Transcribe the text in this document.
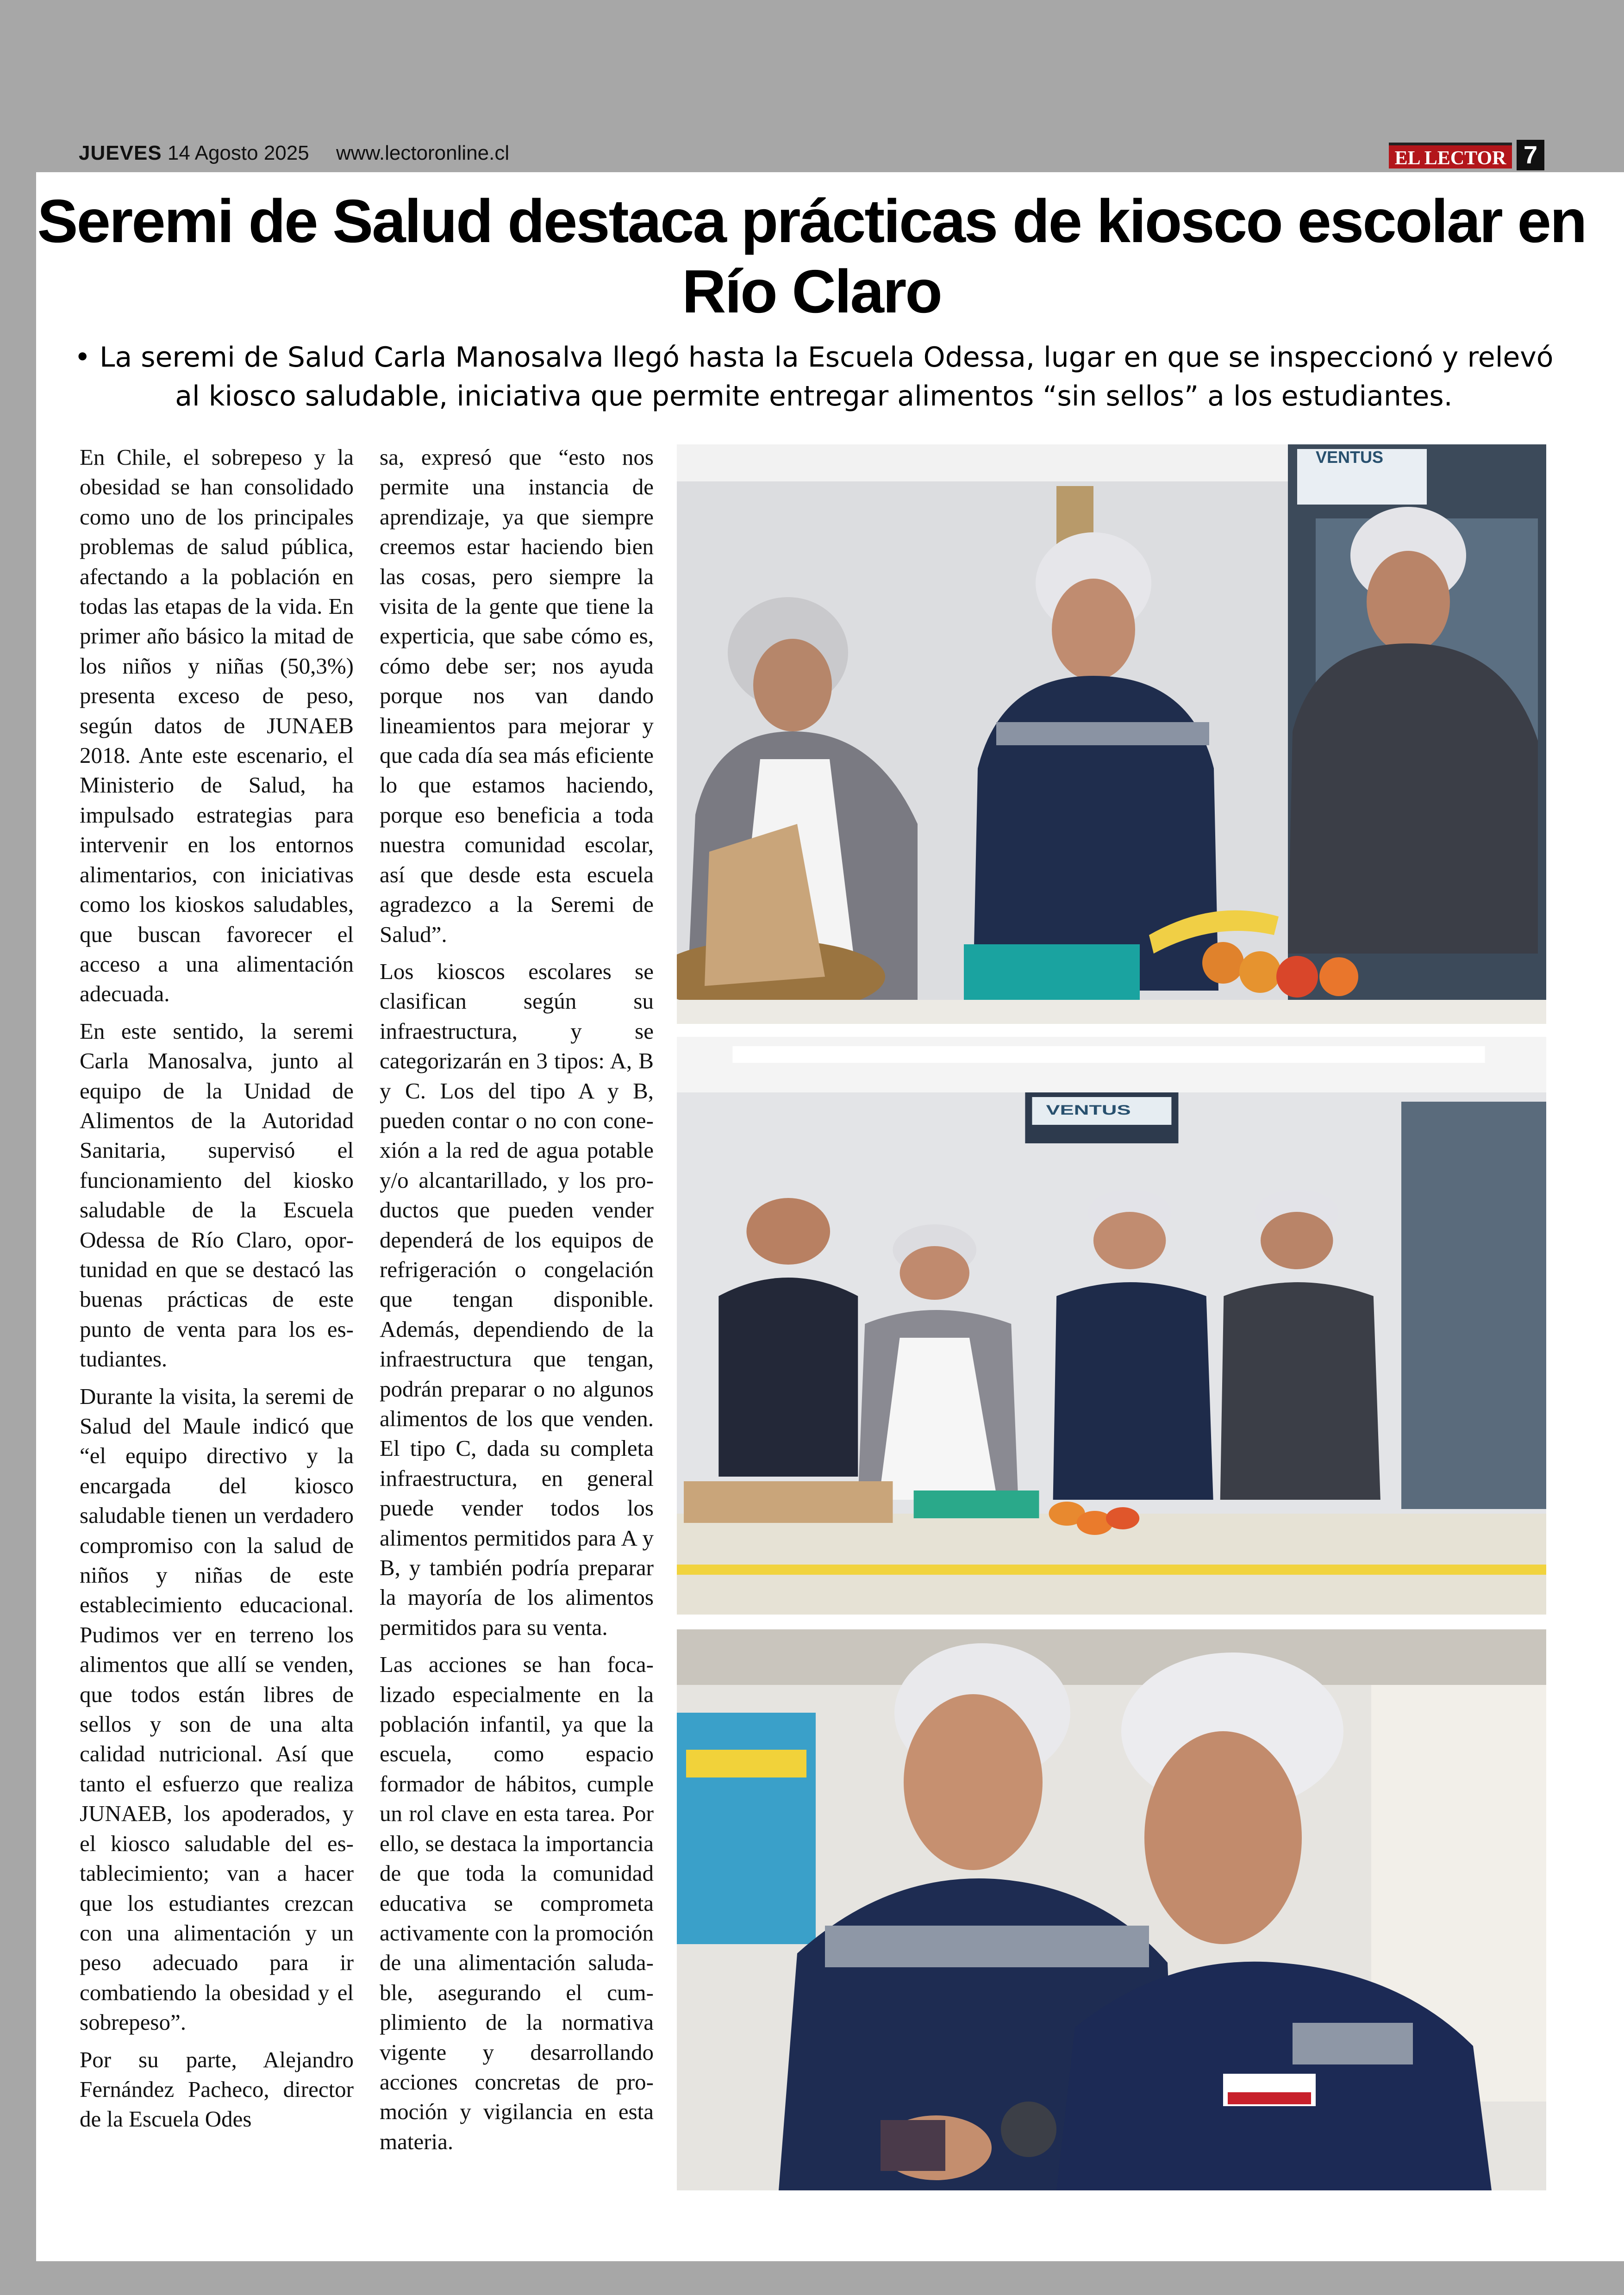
JUEVES 14 Agosto 2025 www.lectoronline.cl	EL LECTOR 7
Seremi de Salud destaca prácticas de kiosco escolar en Río Claro

• La seremi de Salud Carla Manosalva llegó hasta la Escuela Odessa, lugar en que se inspeccionó y relevó al kiosco saludable, iniciativa que permite entregar alimentos “sin sellos” a los estudiantes.

En Chile, el sobrepeso y la obesidad se han consolidado como uno de los principales problemas de salud pública, afectando a la población en todas las etapas de la vida. En primer año básico la mitad de los niños y niñas (50,3%) presenta exceso de peso, según datos de JUNAEB 2018. Ante este escenario, el Ministerio de Salud, ha impulsado estrategias para intervenir en los entornos alimentarios, con iniciativas como los kioskos saludables, que buscan favorecer el acceso a una alimentación adecuada.

En este sentido, la seremi Carla Manosalva, junto al equipo de la Unidad de Alimentos de la Autoridad Sanitaria, supervisó el funcionamiento del kiosko saludable de la Escuela Odessa de Río Claro, oportunidad en que se destacó las buenas prácticas de este punto de venta para los estudiantes.

Durante la visita, la seremi de Salud del Maule indicó que “el equipo directivo y la encargada del kiosco saludable tienen un verdadero compromiso con la salud de niños y niñas de este establecimiento educacional. Pudimos ver en terreno los alimentos que allí se venden, que todos están libres de sellos y son de una alta calidad nutricional. Así que tanto el esfuerzo que realiza JUNAEB, los apoderados, y el kiosco saludable del establecimiento; van a hacer que los estudiantes crezcan con una alimentación y un peso adecuado para ir combatiendo la obesidad y el sobrepeso”.

Por su parte, Alejandro Fernández Pacheco, director de la Escuela Odes

sa, expresó que “esto nos permite una instancia de aprendizaje, ya que siempre creemos estar haciendo bien las cosas, pero siempre la visita de la gente que tiene la experticia, que sabe cómo es, cómo debe ser; nos ayuda porque nos van dando lineamientos para mejorar y que cada día sea más eficiente lo que estamos haciendo, porque eso beneficia a toda nuestra comunidad escolar, así que desde esta escuela agradezco a la Seremi de Salud”.

Los kioscos escolares se clasifican según su infraestructura, y se categorizarán en 3 tipos: A, B y C. Los del tipo A y B, pueden contar o no con conexión a la red de agua potable y/o alcantarillado, y los productos que pueden vender dependerá de los equipos de refrigeración o congelación que tengan disponible. Además, dependiendo de la infraestructura que tengan, podrán preparar o no algunos alimentos de los que venden. El tipo C, dada su completa infraestructura, en general puede vender todos los alimentos permitidos para A y B, y también podría preparar la mayoría de los alimentos permitidos para su venta.

Las acciones se han focalizado especialmente en la población infantil, ya que la escuela, como espacio formador de hábitos, cumple un rol clave en esta tarea. Por ello, se destaca la importancia de que toda la comunidad educativa se comprometa activamente con la promoción de una alimentación saludable, asegurando el cumplimiento de la normativa vigente y desarrollando acciones concretas de promoción y vigilancia en esta materia.

VENTUS
VENTUS
